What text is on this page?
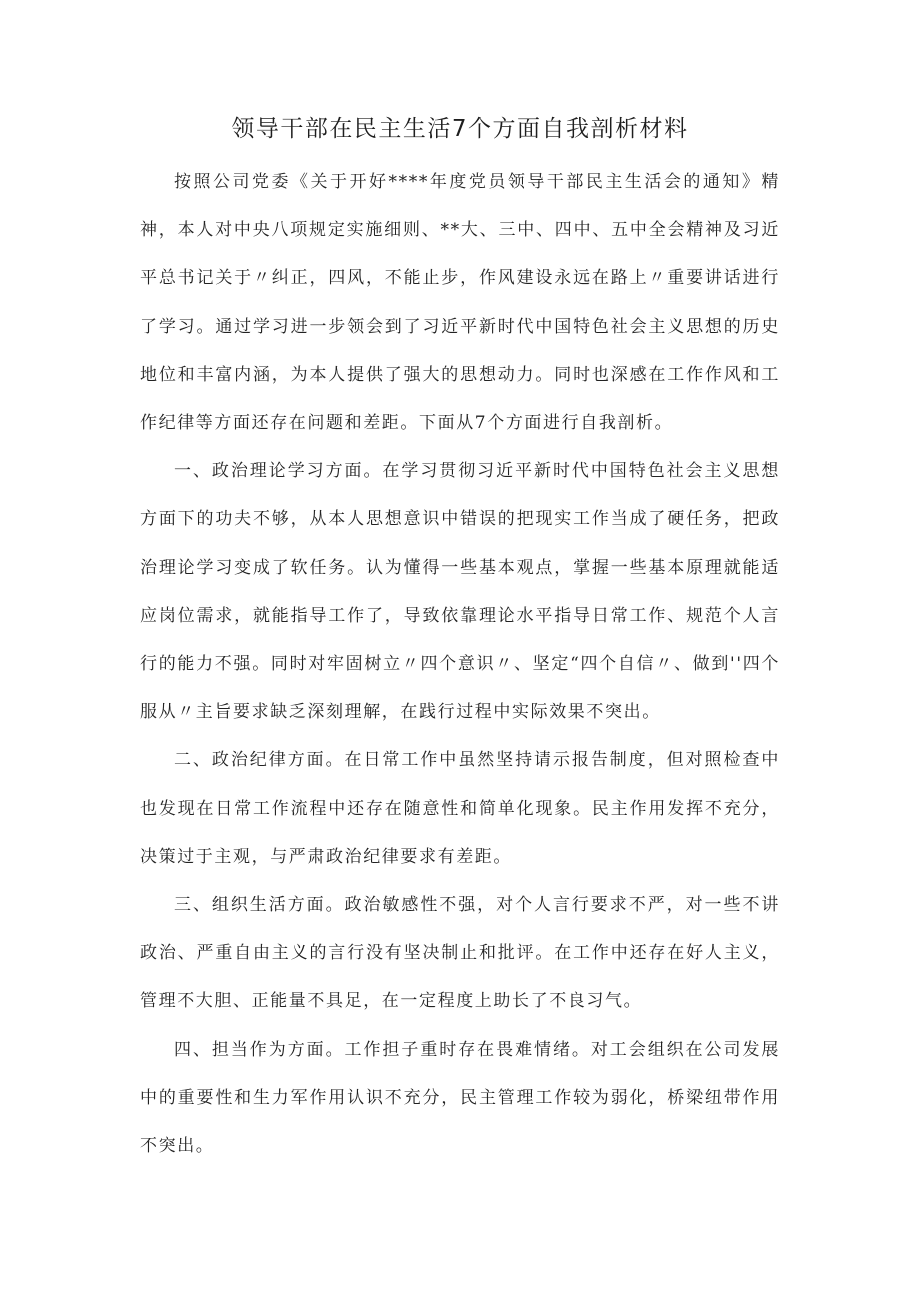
领导干部在民主生活7个方面自我剖析材料

按照公司党委《关于开好****年度党员领导干部民主生活会的通知》精神，本人对中央八项规定实施细则、**大、三中、四中、五中全会精神及习近平总书记关于〃纠正，四风，不能止步，作风建设永远在路上〃重要讲话进行了学习。通过学习进一步领会到了习近平新时代中国特色社会主义思想的历史地位和丰富内涵，为本人提供了强大的思想动力。同时也深感在工作作风和工作纪律等方面还存在问题和差距。下面从7个方面进行自我剖析。

一、政治理论学习方面。在学习贯彻习近平新时代中国特色社会主义思想方面下的功夫不够，从本人思想意识中错误的把现实工作当成了硬任务，把政治理论学习变成了软任务。认为懂得一些基本观点，掌握一些基本原理就能适应岗位需求，就能指导工作了，导致依靠理论水平指导日常工作、规范个人言行的能力不强。同时对牢固树立〃四个意识〃、坚定“四个自信〃、做到''四个服从〃主旨要求缺乏深刻理解，在践行过程中实际效果不突出。

二、政治纪律方面。在日常工作中虽然坚持请示报告制度，但对照检查中也发现在日常工作流程中还存在随意性和简单化现象。民主作用发挥不充分，决策过于主观，与严肃政治纪律要求有差距。

三、组织生活方面。政治敏感性不强，对个人言行要求不严，对一些不讲政治、严重自由主义的言行没有坚决制止和批评。在工作中还存在好人主义，管理不大胆、正能量不具足，在一定程度上助长了不良习气。

四、担当作为方面。工作担子重时存在畏难情绪。对工会组织在公司发展中的重要性和生力军作用认识不充分，民主管理工作较为弱化，桥梁纽带作用不突出。
